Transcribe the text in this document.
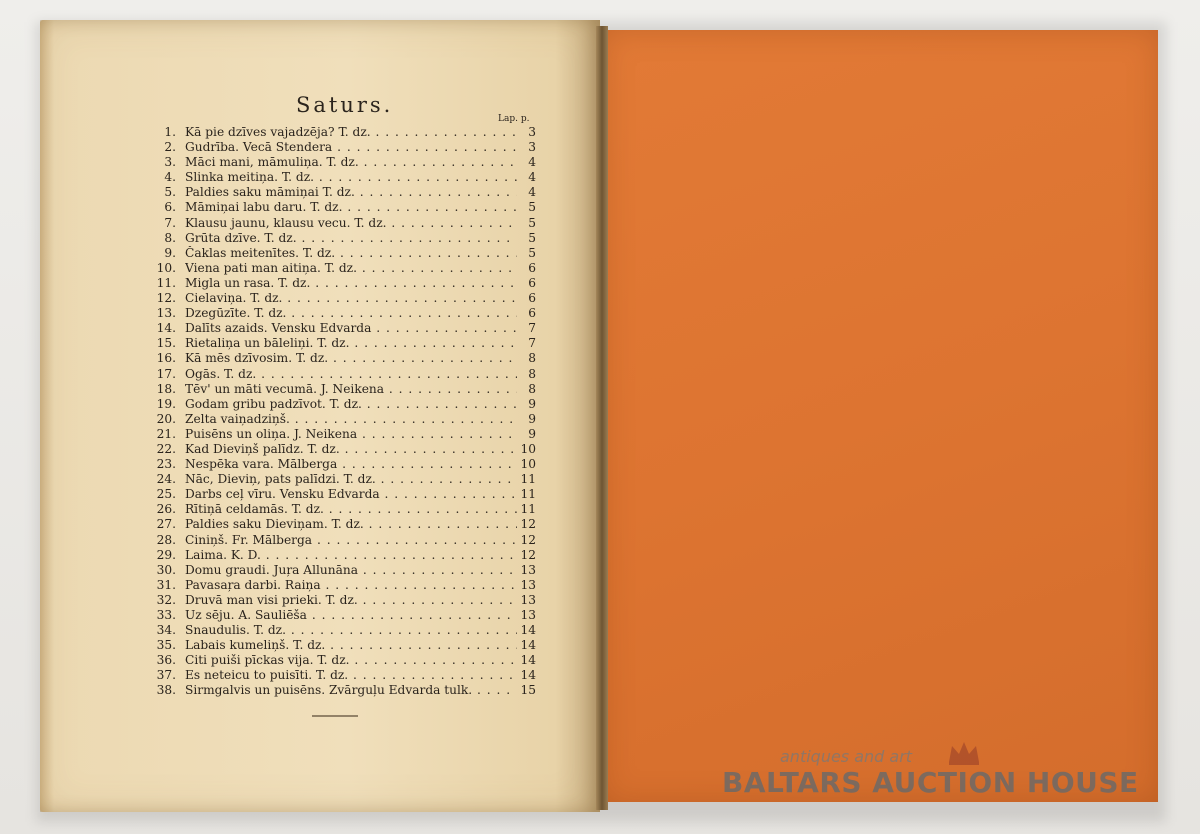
Saturs.
Lap. p.
1. Kā pie dzīves vajadzēja? T. dz. . . .	3
2. Gudrība. Vecā Stendera . . .	3
3. Māci mani, māmuliņa. T. dz. . . .	4
4. Slinka meitiņa. T. dz. . . .	4
5. Paldies saku māmiņai T. dz. . . .	4
6. Māmiņai labu daru. T. dz. . . .	5
7. Klausu jaunu, klausu vecu. T. dz. . . .	5
8. Grūta dzīve. T. dz. . . .	5
9. Čaklas meitenītes. T. dz. . . .	5
10. Viena pati man aitiņa. T. dz. . . .	6
11. Migla un rasa. T. dz. . . .	6
12. Cielaviņa. T. dz. . . .	6
13. Dzegūzīte. T. dz. . . .	6
14. Dalīts azaids. Vensku Edvarda . . .	7
15. Rietaliņa un bāleliņi. T. dz. . . .	7
16. Kā mēs dzīvosim. T. dz. . . .	8
17. Ogās. T. dz. . . .	8
18. Tēv' un māti vecumā. J. Neikena . . .	8
19. Godam gribu padzīvot. T. dz. . . .	9
20. Zelta vaiņadziņš. . . .	9
21. Puisēns un oliņa. J. Neikena . . .	9
22. Kad Dieviņš palīdz. T. dz. . . .	10
23. Nespēka vara. Mālberga . . .	10
24. Nāc, Dieviņ, pats palīdzi. T. dz. . . .	11
25. Darbs ceļ vīru. Vensku Edvarda . . .	11
26. Rītiņā celdamās. T. dz. . . .	11
27. Paldies saku Dieviņam. T. dz. . . .	12
28. Ciniņš. Fr. Mālberga . . .	12
29. Laima. K. D. . . .	12
30. Domu graudi. Juŗa Allunāna . . .	13
31. Pavasaŗa darbi. Raiņa . . .	13
32. Druvā man visi prieki. T. dz. . . .	13
33. Uz sēju. A. Sauliēša . . .	13
34. Snaudulis. T. dz. . . .	14
35. Labais kumeliņš. T. dz. . . .	14
36. Citi puiši pīckas vija. T. dz. . . .	14
37. Es neteicu to puisīti. T. dz. . . .	14
38. Sirmgalvis un puisēns. Zvārguļu Edvarda tulk. . . .	15
antiques and art
BALTARS AUCTION HOUSE
